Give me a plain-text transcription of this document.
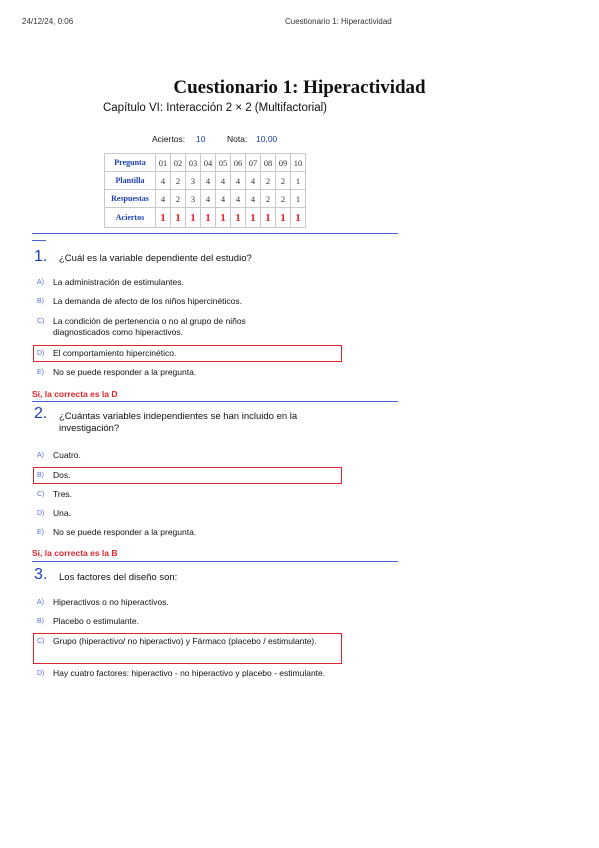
24/12/24, 0:06	Cuestionario 1: Hiperactividad
Cuestionario 1: Hiperactividad
Capítulo VI: Interacción 2 × 2 (Multifactorial)
Aciertos: 10	Nota: 10,00
Pregunta	01	02	03	04	05	06	07	08	09	10
Plantilla	4	2	3	4	4	4	4	2	2	1
Respuestas	4	2	3	4	4	4	4	2	2	1
Aciertos	1	1	1	1	1	1	1	1	1	1
1. ¿Cuál es la variable dependiente del estudio?
A) La administración de estimulantes.
B) La demanda de afecto de los niños hipercinéticos.
C) La condición de pertenencia o no al grupo de niños diagnosticados como hiperactivos.
D) El comportamiento hipercinético.
E) No se puede responder a la pregunta.
Si, la correcta es la D
2. ¿Cuántas variables independientes se han incluido en la investigación?
A) Cuatro.
B) Dos.
C) Tres.
D) Una.
E) No se puede responder a la pregunta.
Si, la correcta es la B
3. Los factores del diseño son:
A) Hiperactivos o no hiperactivos.
B) Placebo o estimulante.
C) Grupo (hiperactivo/ no hiperactivo) y Fármaco (placebo / estimulante).
D) Hay cuatro factores: hiperactivo - no hiperactivo y placebo - estimulante.
